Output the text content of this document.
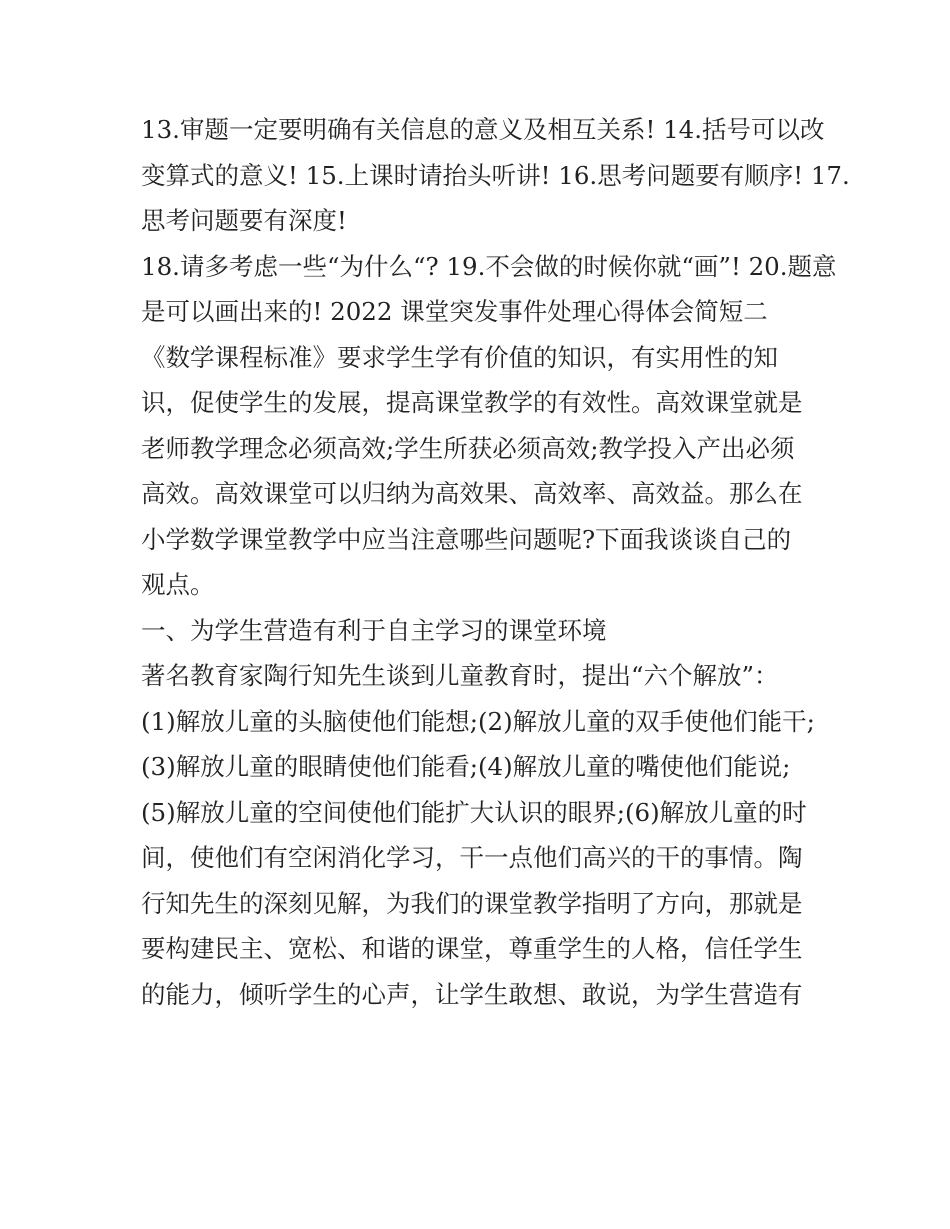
13.审题一定要明确有关信息的意义及相互关系! 14.括号可以改
变算式的意义! 15.上课时请抬头听讲! 16.思考问题要有顺序! 17.
思考问题要有深度!
18.请多考虑一些“为什么“? 19.不会做的时候你就“画”! 20.题意
是可以画出来的! 2022 课堂突发事件处理心得体会简短二
《数学课程标准》要求学生学有价值的知识，有实用性的知
识，促使学生的发展，提高课堂教学的有效性。高效课堂就是
老师教学理念必须高效;学生所获必须高效;教学投入产出必须
高效。高效课堂可以归纳为高效果、高效率、高效益。那么在
小学数学课堂教学中应当注意哪些问题呢?下面我谈谈自己的
观点。
一、为学生营造有利于自主学习的课堂环境
著名教育家陶行知先生谈到儿童教育时，提出“六个解放”：
(1)解放儿童的头脑使他们能想;(2)解放儿童的双手使他们能干;
(3)解放儿童的眼睛使他们能看;(4)解放儿童的嘴使他们能说;
(5)解放儿童的空间使他们能扩大认识的眼界;(6)解放儿童的时
间，使他们有空闲消化学习，干一点他们高兴的干的事情。陶
行知先生的深刻见解，为我们的课堂教学指明了方向，那就是
要构建民主、宽松、和谐的课堂，尊重学生的人格，信任学生
的能力，倾听学生的心声，让学生敢想、敢说，为学生营造有
